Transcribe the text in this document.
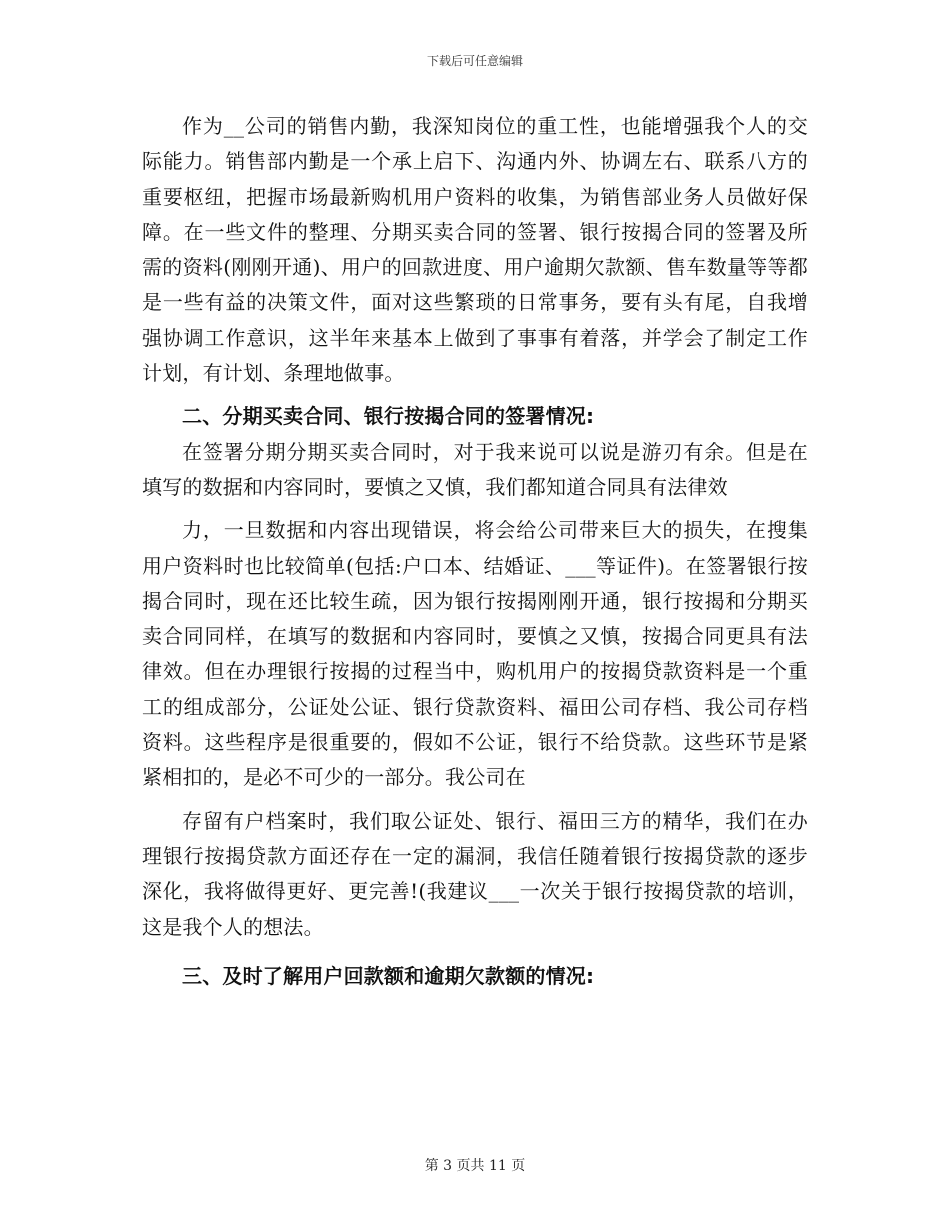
下载后可任意编辑

作为__公司的销售内勤，我深知岗位的重工性，也能增强我个人的交际能力。销售部内勤是一个承上启下、沟通内外、协调左右、联系八方的重要枢纽，把握市场最新购机用户资料的收集，为销售部业务人员做好保障。在一些文件的整理、分期买卖合同的签署、银行按揭合同的签署及所需的资料(刚刚开通)、用户的回款进度、用户逾期欠款额、售车数量等等都是一些有益的决策文件，面对这些繁琐的日常事务，要有头有尾，自我增强协调工作意识，这半年来基本上做到了事事有着落，并学会了制定工作计划，有计划、条理地做事。

二、分期买卖合同、银行按揭合同的签署情况:

在签署分期分期买卖合同时，对于我来说可以说是游刃有余。但是在填写的数据和内容同时，要慎之又慎，我们都知道合同具有法律效

力，一旦数据和内容出现错误，将会给公司带来巨大的损失，在搜集用户资料时也比较简单(包括:户口本、结婚证、___等证件)。在签署银行按揭合同时，现在还比较生疏，因为银行按揭刚刚开通，银行按揭和分期买卖合同同样，在填写的数据和内容同时，要慎之又慎，按揭合同更具有法律效。但在办理银行按揭的过程当中，购机用户的按揭贷款资料是一个重工的组成部分，公证处公证、银行贷款资料、福田公司存档、我公司存档资料。这些程序是很重要的，假如不公证，银行不给贷款。这些环节是紧紧相扣的，是必不可少的一部分。我公司在

存留有户档案时，我们取公证处、银行、福田三方的精华，我们在办理银行按揭贷款方面还存在一定的漏洞，我信任随着银行按揭贷款的逐步深化，我将做得更好、更完善!(我建议___一次关于银行按揭贷款的培训，这是我个人的想法。

三、及时了解用户回款额和逾期欠款额的情况:

第 3 页共 11 页
